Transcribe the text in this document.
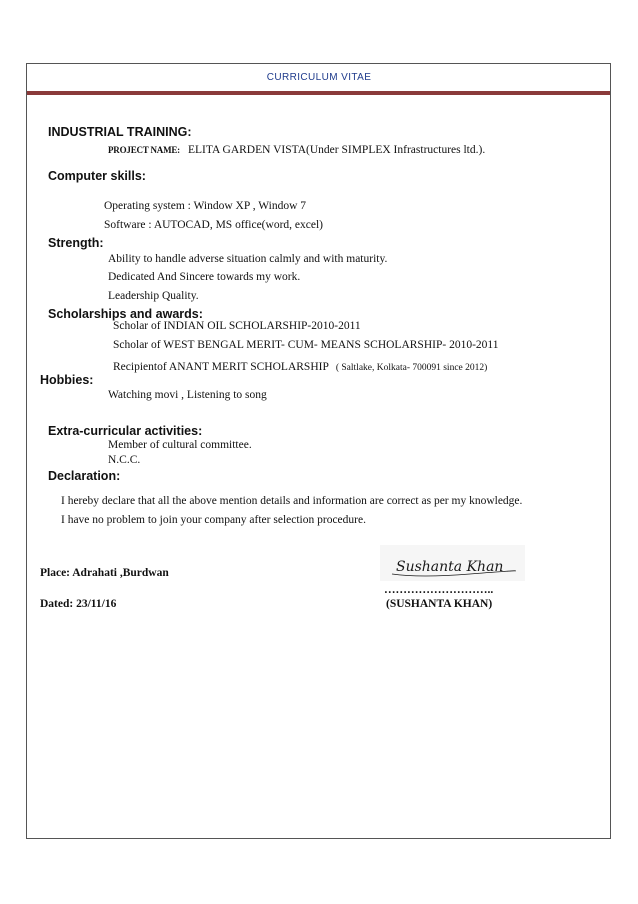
CURRICULUM VITAE
INDUSTRIAL TRAINING:
PROJECT NAME: ELITA GARDEN VISTA(Under SIMPLEX Infrastructures ltd.).
Computer skills:
Operating system : Window XP , Window 7
Software : AUTOCAD, MS office(word, excel)
Strength:
Ability to handle adverse situation calmly and with maturity.
Dedicated And Sincere towards my work.
Leadership Quality.
Scholarships and awards:
Scholar of INDIAN OIL SCHOLARSHIP-2010-2011
Scholar of WEST BENGAL MERIT- CUM- MEANS SCHOLARSHIP- 2010-2011
Recipientof ANANT MERIT SCHOLARSHIP ( Saltlake, Kolkata- 700091 since 2012)
Hobbies:
Watching movi , Listening to song
Extra-curricular activities:
Member of cultural committee.
N.C.C.
Declaration:
I hereby declare that all the above mention details and information are correct as per my knowledge.
I have no problem to join your company after selection procedure.
Place: Adrahati ,Burdwan
Dated: 23/11/16
Sushanta Khan
………………………..
(SUSHANTA KHAN)
